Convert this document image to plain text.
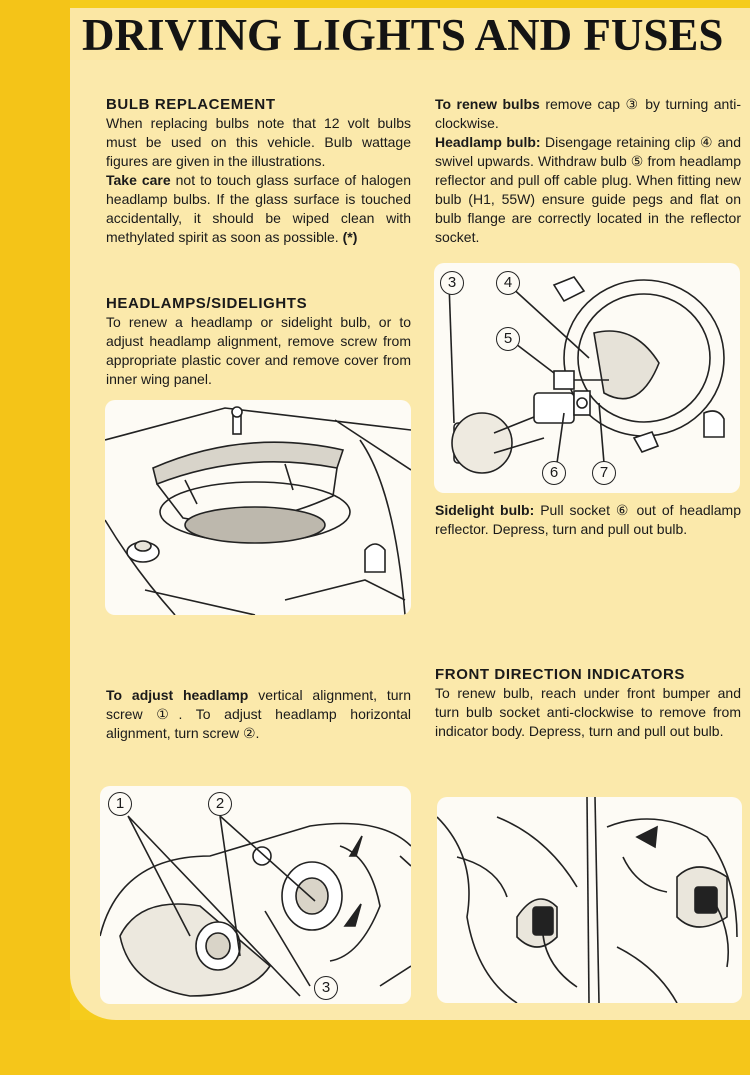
DRIVING LIGHTS AND FUSES

BULB REPLACEMENT

When replacing bulbs note that 12 volt bulbs must be used on this vehicle. Bulb wattage figures are given in the illustrations.

Take care not to touch glass surface of halogen headlamp bulbs. If the glass surface is touched accidentally, it should be wiped clean with methylated spirit as soon as possible. (*)

HEADLAMPS/SIDELIGHTS

To renew a headlamp or sidelight bulb, or to adjust headlamp alignment, remove screw from appropriate plastic cover and remove cover from inner wing panel.

To renew bulbs remove cap ③ by turning anti-clockwise.

Headlamp bulb: Disengage retaining clip ④ and swivel upwards. Withdraw bulb ⑤ from headlamp reflector and pull off cable plug. When fitting new bulb (H1, 55W) ensure guide pegs and flat on bulb flange are correctly located in the reflector socket.

3	4
5
6	7

Sidelight bulb: Pull socket ⑥ out of headlamp reflector. Depress, turn and pull out bulb.

To adjust headlamp vertical alignment, turn screw ①. To adjust headlamp horizontal alignment, turn screw ②.

FRONT DIRECTION INDICATORS

To renew bulb, reach under front bumper and turn bulb socket anti-clockwise to remove from indicator body. Depress, turn and pull out bulb.

1	2
3
